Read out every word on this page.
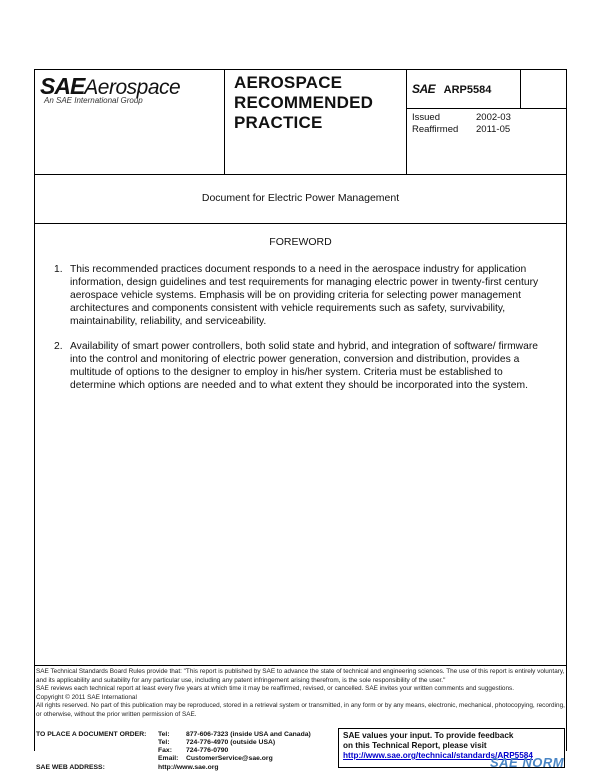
SAEAerospace
An SAE International Group
AEROSPACE
RECOMMENDED
PRACTICE
SAE ARP5584
Issued	2002-03
Reaffirmed 2011-05
Document for Electric Power Management
FOREWORD
1. This recommended practices document responds to a need in the aerospace industry for application information, design guidelines and test requirements for managing electric power in twenty-first century aerospace vehicle systems. Emphasis will be on providing criteria for selecting power management architectures and components consistent with vehicle requirements such as safety, survivability, maintainability, reliability, and serviceability.
2. Availability of smart power controllers, both solid state and hybrid, and integration of software/ firmware into the control and monitoring of electric power generation, conversion and distribution, provides a multitude of options to the designer to employ in his/her system. Criteria must be established to determine which options are needed and to what extent they should be incorporated into the system.
SAE Technical Standards Board Rules provide that: "This report is published by SAE to advance the state of technical and engineering sciences. The use of this report is entirely voluntary, and its applicability and suitability for any particular use, including any patent infringement arising therefrom, is the sole responsibility of the user."
SAE reviews each technical report at least every five years at which time it may be reaffirmed, revised, or cancelled. SAE invites your written comments and suggestions.
Copyright © 2011 SAE International
All rights reserved. No part of this publication may be reproduced, stored in a retrieval system or transmitted, in any form or by any means, electronic, mechanical, photocopying, recording, or otherwise, without the prior written permission of SAE.
TO PLACE A DOCUMENT ORDER:
SAE WEB ADDRESS:
Tel: 877-606-7323 (inside USA and Canada)
Tel: 724-776-4970 (outside USA)
Fax: 724-776-0790
Email: CustomerService@sae.org
http://www.sae.org
SAE values your input. To provide feedback
on this Technical Report, please visit
http://www.sae.org/technical/standards/ARP5584
SAE NORM
